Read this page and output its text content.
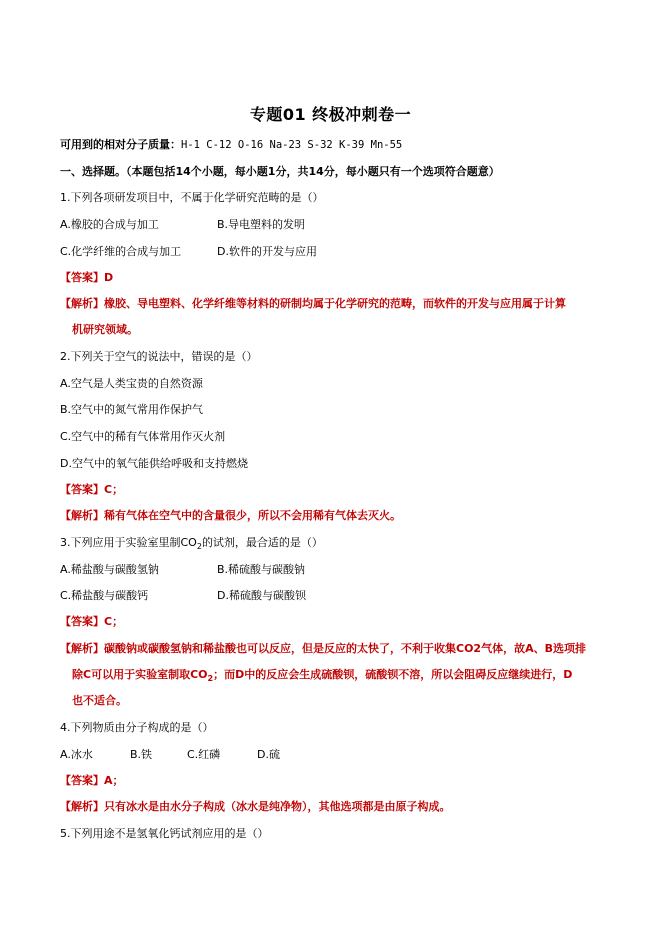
专题01 终极冲刺卷一
可用到的相对分子质量：H-1 C-12 O-16 Na-23 S-32 K-39 Mn-55
一、选择题。（本题包括14个小题，每小题1分，共14分，每小题只有一个选项符合题意）
1.下列各项研发项目中，不属于化学研究范畴的是（）
A.橡胶的合成与加工	B.导电塑料的发明
C.化学纤维的合成与加工	D.软件的开发与应用
【答案】D
【解析】橡胶、导电塑料、化学纤维等材料的研制均属于化学研究的范畴，而软件的开发与应用属于计算
机研究领域。
2.下列关于空气的说法中，错误的是（）
A.空气是人类宝贵的自然资源
B.空气中的氮气常用作保护气
C.空气中的稀有气体常用作灭火剂
D.空气中的氧气能供给呼吸和支持燃烧
【答案】C；
【解析】稀有气体在空气中的含量很少，所以不会用稀有气体去灭火。
3.下列应用于实验室里制$CO_2$的试剂，最合适的是（）
A.稀盐酸与碳酸氢钠	B.稀硫酸与碳酸钠
C.稀盐酸与碳酸钙	D.稀硫酸与碳酸钡
【答案】C；
【解析】碳酸钠或碳酸氢钠和稀盐酸也可以反应，但是反应的太快了，不利于收集CO2气体，故A、B选项排
除C可以用于实验室制取$CO_2$；而D中的反应会生成硫酸钡，硫酸钡不溶，所以会阻碍反应继续进行，D
也不适合。
4.下列物质由分子构成的是（）
A.冰水	B.铁	C.红磷	D.硫
【答案】A；
【解析】只有冰水是由水分子构成（冰水是纯净物），其他选项都是由原子构成。
5.下列用途不是氢氧化钙试剂应用的是（）
